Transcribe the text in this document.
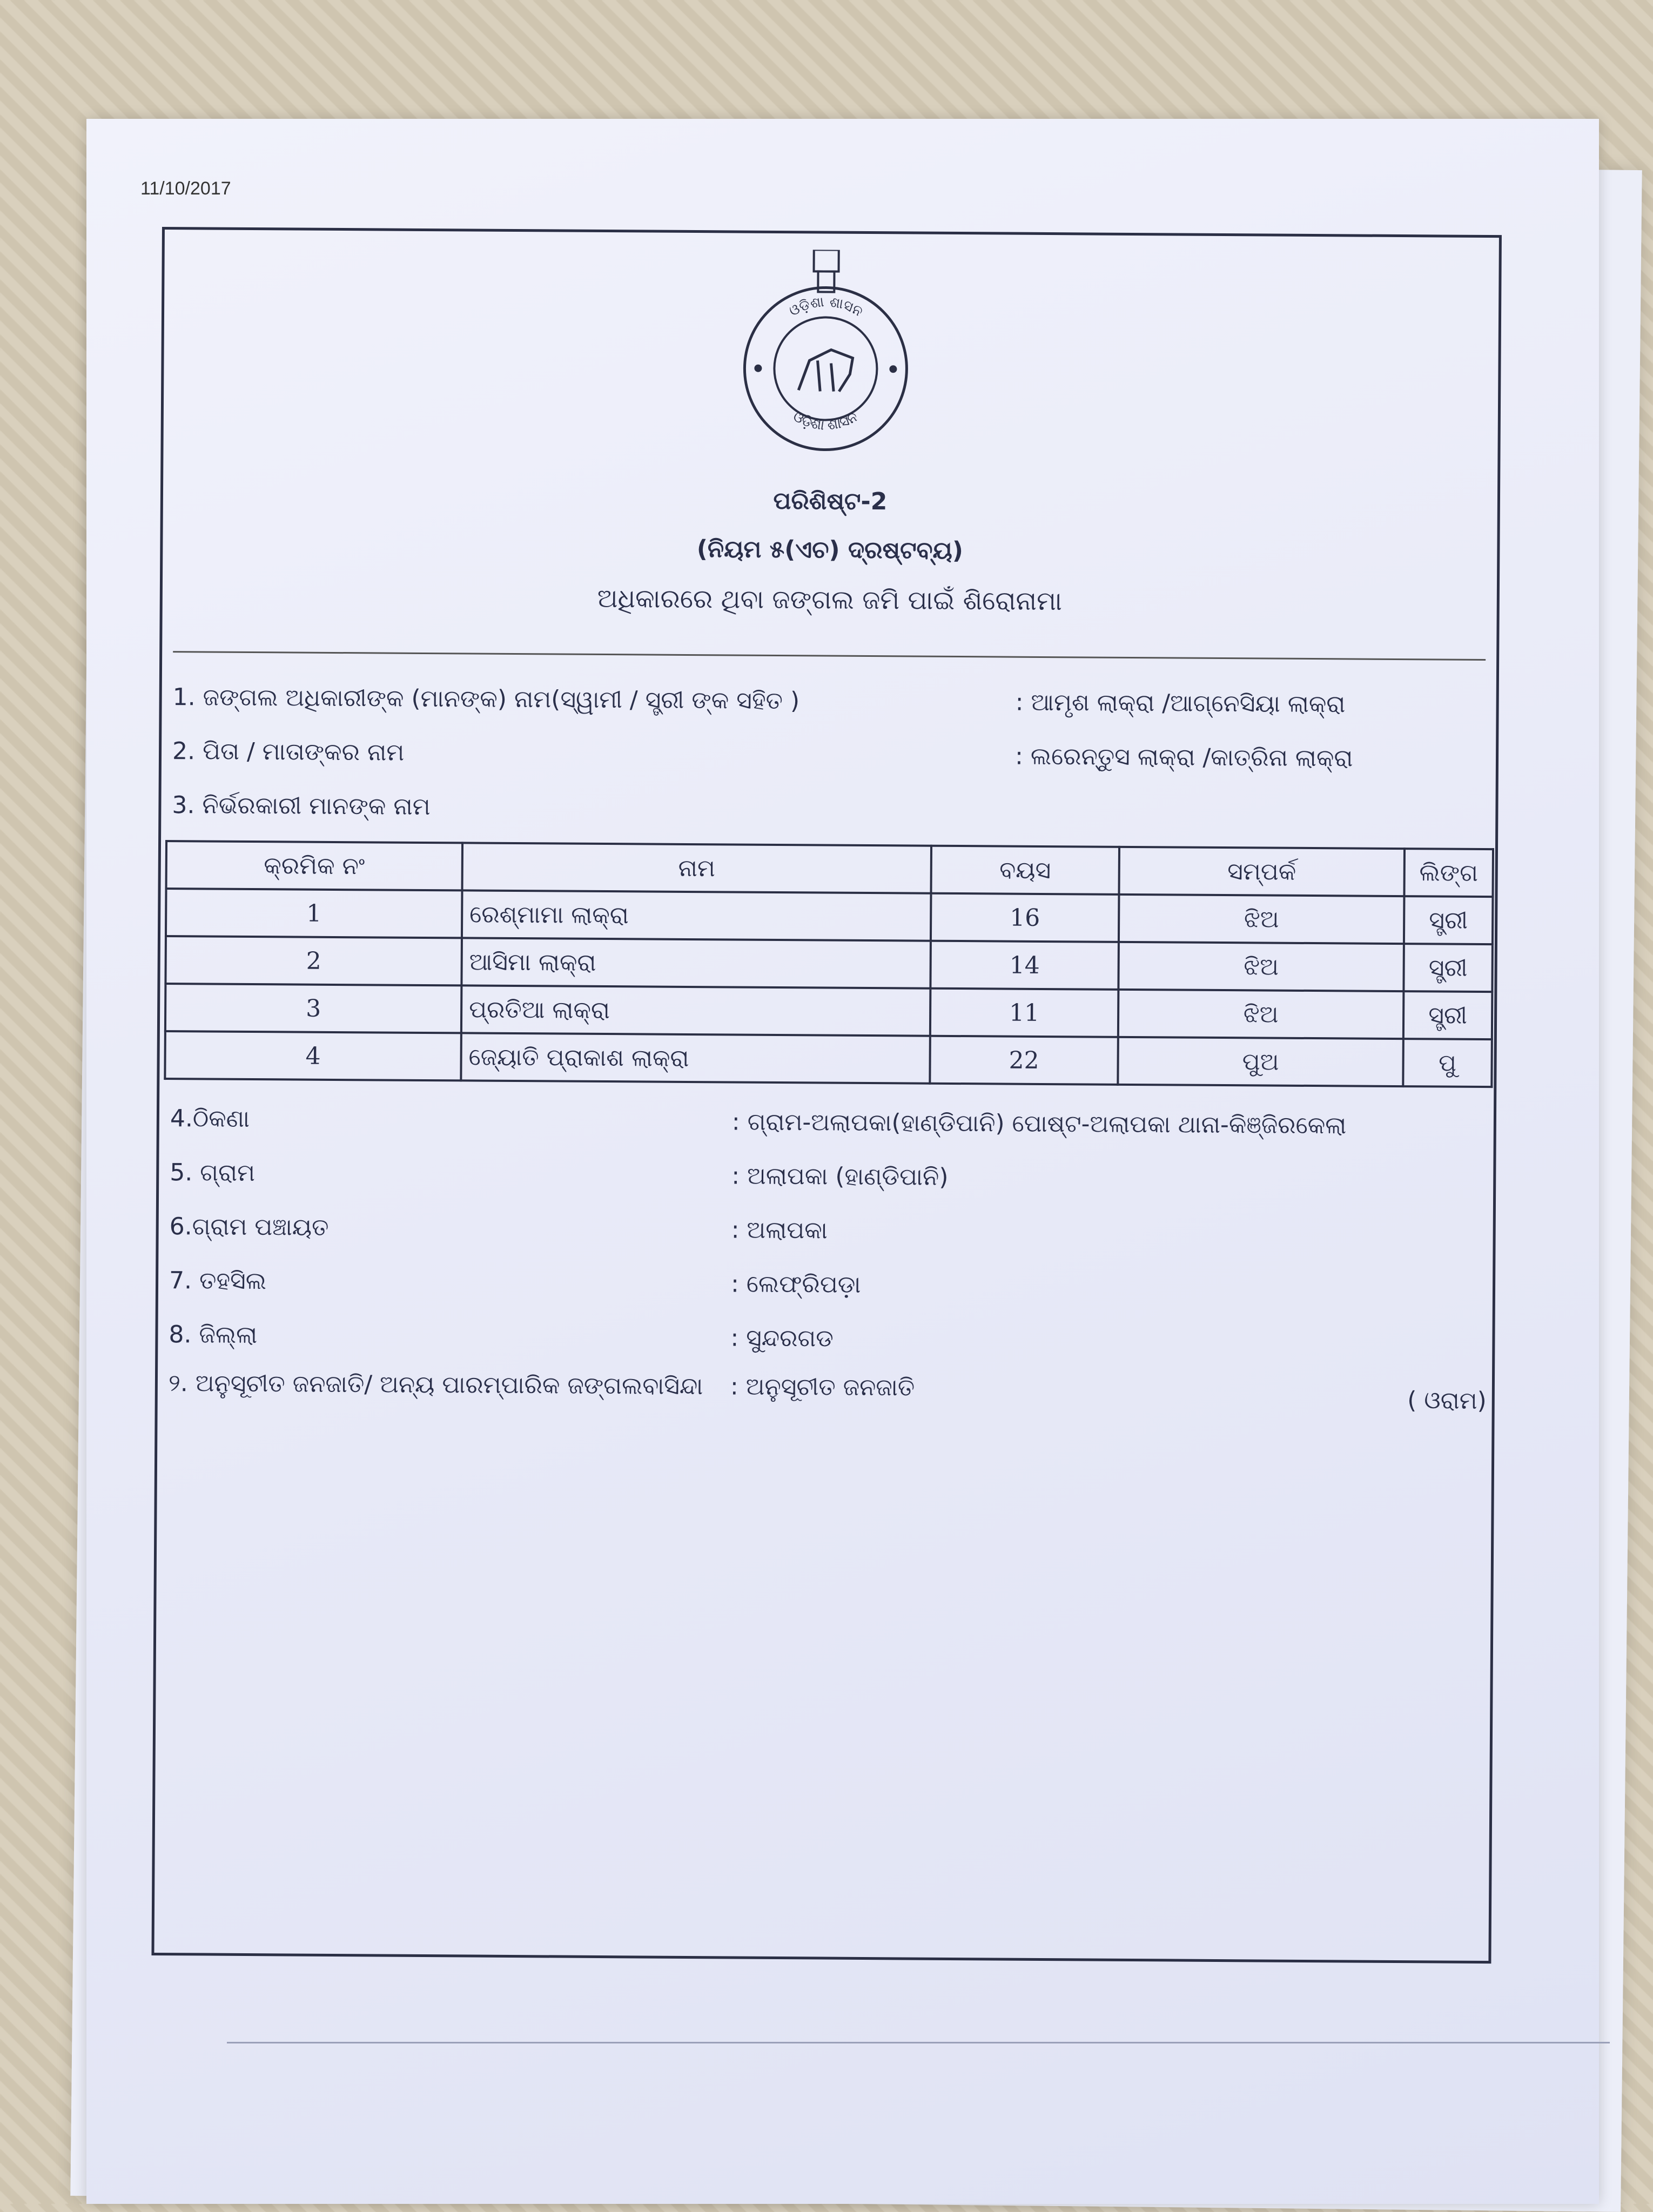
11/10/2017
ଓଡ଼ିଶା ଶାସନ
ଓଡ଼ିଶା ଶାସନ
ପରିଶିଷ୍ଟ-2
(ନିୟମ ୫(ଏଚ) ଦ୍ରଷ୍ଟବ୍ୟ)
ଅଧିକାରରେ ଥିବା ଜଙ୍ଗଲ ଜମି ପାଇଁ ଶିରୋନାମା
1. ଜଙ୍ଗଲ ଅଧିକାରୀଙ୍କ (ମାନଙ୍କ) ନାମ(ସ୍ୱାମୀ / ସ୍ତ୍ରୀ ଙ୍କ ସହିତ )	: ଆମୃଶ ଲାକ୍ରା /ଆଗ୍ନେସିୟା ଲାକ୍ରା
2. ପିତା / ମାତାଙ୍କର ନାମ	: ଲରେନ୍ତୁସ ଲାକ୍ରା /କାତ୍ରିନା ଲାକ୍ରା
3. ନିର୍ଭରକାରୀ ମାନଙ୍କ ନାମ
କ୍ରମିକ ନଂ	ନାମ	ବୟସ	ସମ୍ପର୍କ	ଲିଙ୍ଗ
1	ରେଶ୍ମାମା ଲାକ୍ରା	16	ଝିଅ	ସ୍ତ୍ରୀ
2	ଆସିମା ଲାକ୍ରା	14	ଝିଅ	ସ୍ତ୍ରୀ
3	ପ୍ରତିଆ ଲାକ୍ରା	11	ଝିଅ	ସ୍ତ୍ରୀ
4	ଜ୍ୟୋତି ପ୍ରାକାଶ ଲାକ୍ରା	22	ପୁଅ	ପୁ
4.ଠିକଣା	: ଗ୍ରାମ-ଅଲାପକା(ହାଣ୍ଡିପାନି) ପୋଷ୍ଟ-ଅଲାପକା ଥାନା-କିଞ୍ଜିରକେଲା
5. ଗ୍ରାମ	: ଅଲାପକା (ହାଣ୍ଡିପାନି)
6.ଗ୍ରାମ ପଞ୍ଚାୟତ	: ଅଲାପକା
7. ତହସିଲ	: ଲେଫ୍ରିପଡ଼ା
8. ଜିଲ୍ଲା	: ସୁନ୍ଦରଗଡ
୨. ଅନୁସୂଚୀତ ଜନଜାତି/ ଅନ୍ୟ ପାରମ୍ପାରିକ ଜଙ୍ଗଲବାସିନ୍ଦା : ଅନୁସୂଚୀତ ଜନଜାତି	( ଓରାମ)
